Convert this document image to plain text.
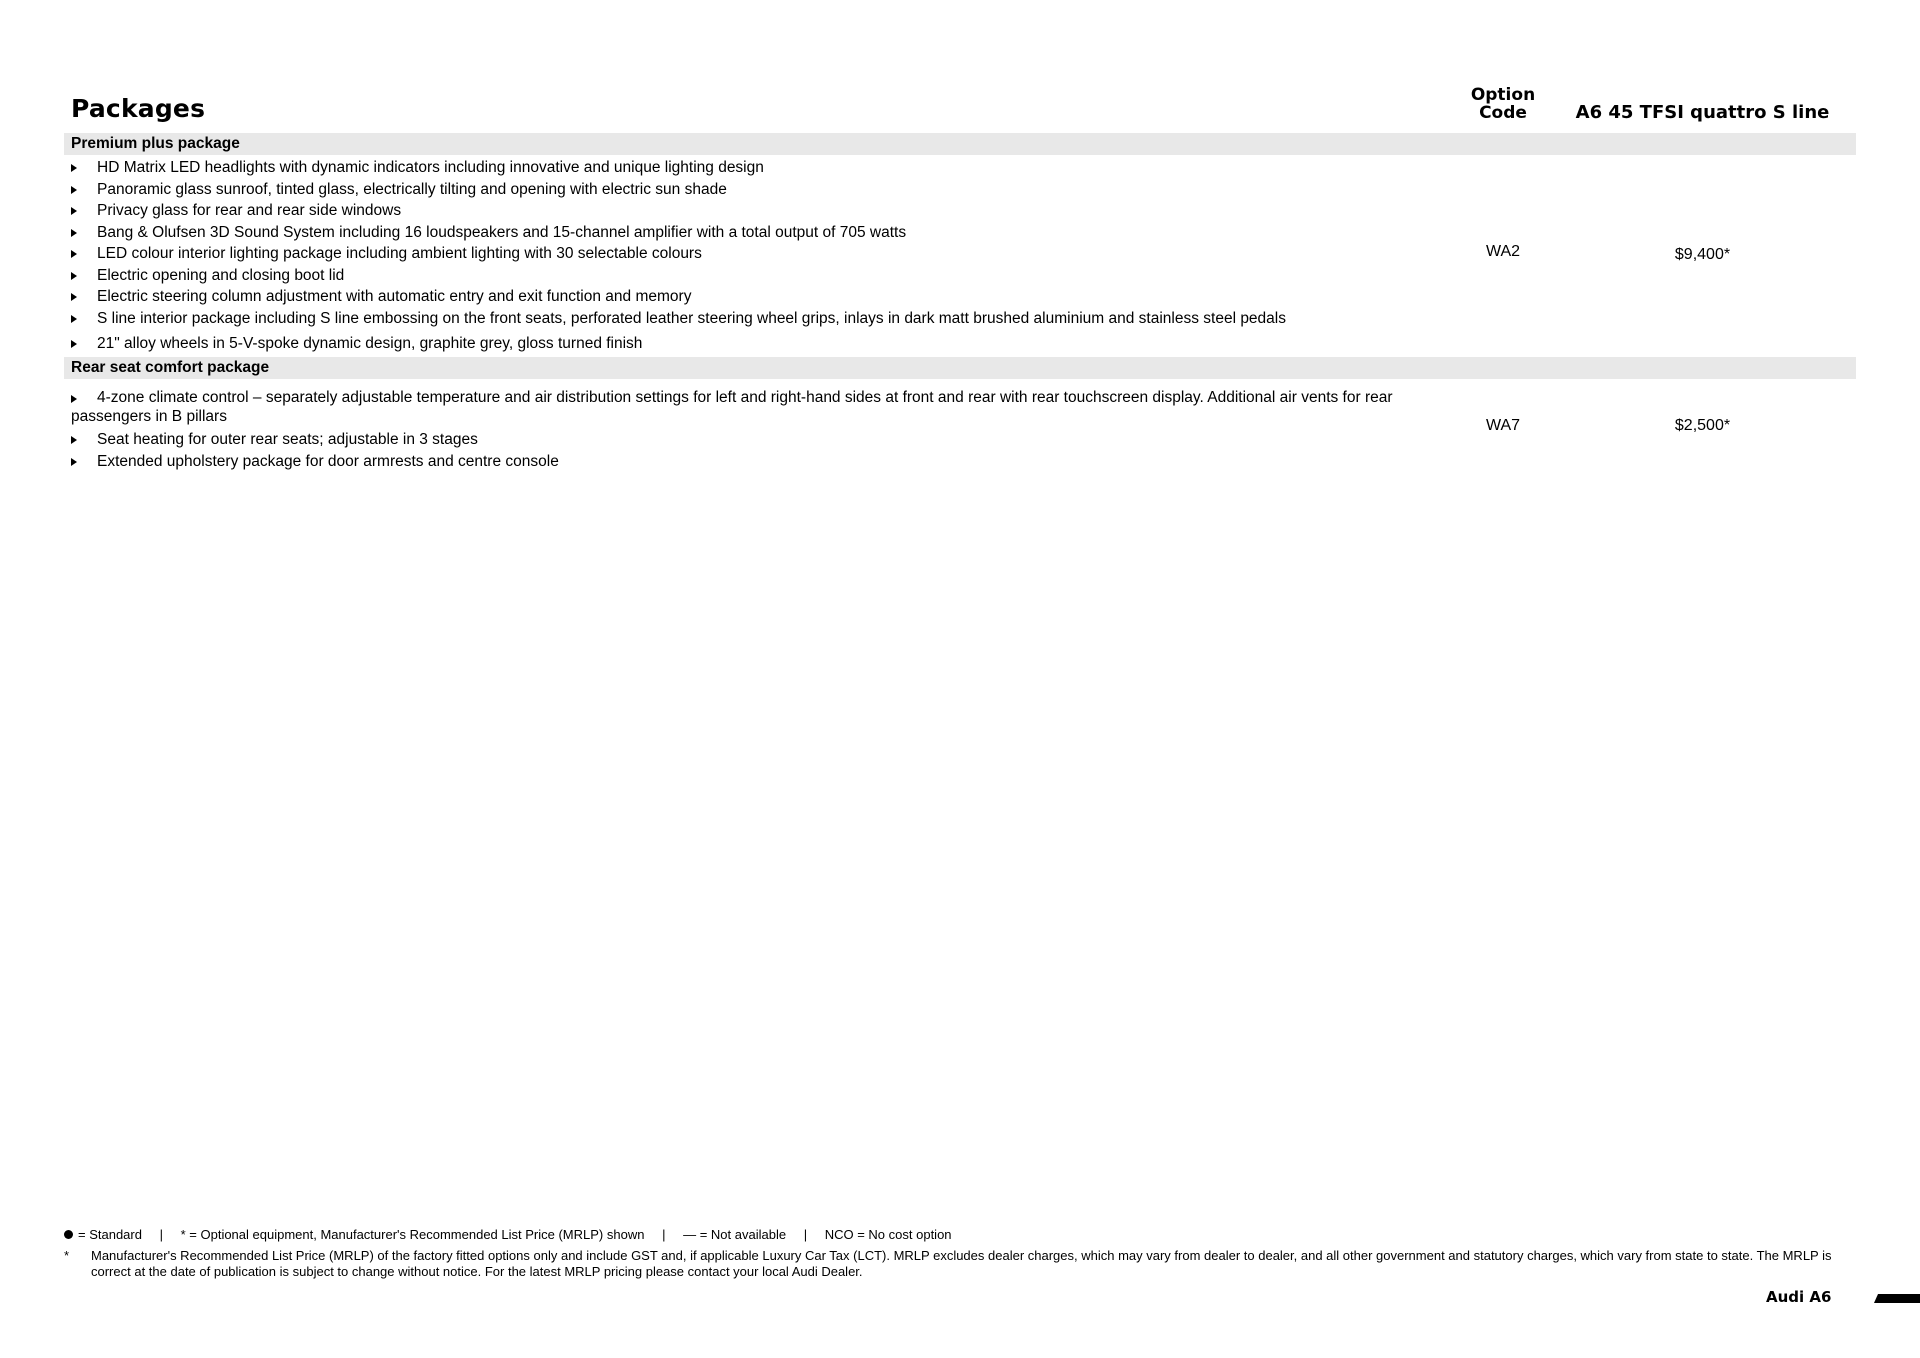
Packages	Option
Code	A6 45 TFSI quattro S line
Premium plus package
HD Matrix LED headlights with dynamic indicators including innovative and unique lighting design
Panoramic glass sunroof, tinted glass, electrically tilting and opening with electric sun shade
Privacy glass for rear and rear side windows
Bang & Olufsen 3D Sound System including 16 loudspeakers and 15-channel amplifier with a total output of 705 watts
LED colour interior lighting package including ambient lighting with 30 selectable colours
Electric opening and closing boot lid
Electric steering column adjustment with automatic entry and exit function and memory
S line interior package including S line embossing on the front seats, perforated leather steering wheel grips, inlays in dark matt brushed aluminium and stainless steel pedals
21" alloy wheels in 5-V-spoke dynamic design, graphite grey, gloss turned finish
WA2	$9,400*
Rear seat comfort package
4-zone climate control – separately adjustable temperature and air distribution settings for left and right-hand sides at front and rear with rear touchscreen display. Additional air vents for rear passengers in B pillars
Seat heating for outer rear seats; adjustable in 3 stages
Extended upholstery package for door armrests and centre console
WA7	$2,500*
= Standard | * = Optional equipment, Manufacturer's Recommended List Price (MRLP) shown | — = Not available | NCO = No cost option
*	Manufacturer's Recommended List Price (MRLP) of the factory fitted options only and include GST and, if applicable Luxury Car Tax (LCT). MRLP excludes dealer charges, which may vary from dealer to dealer, and all other government and statutory charges, which vary from state to state. The MRLP is correct at the date of publication is subject to change without notice. For the latest MRLP pricing please contact your local Audi Dealer.
Audi A6
